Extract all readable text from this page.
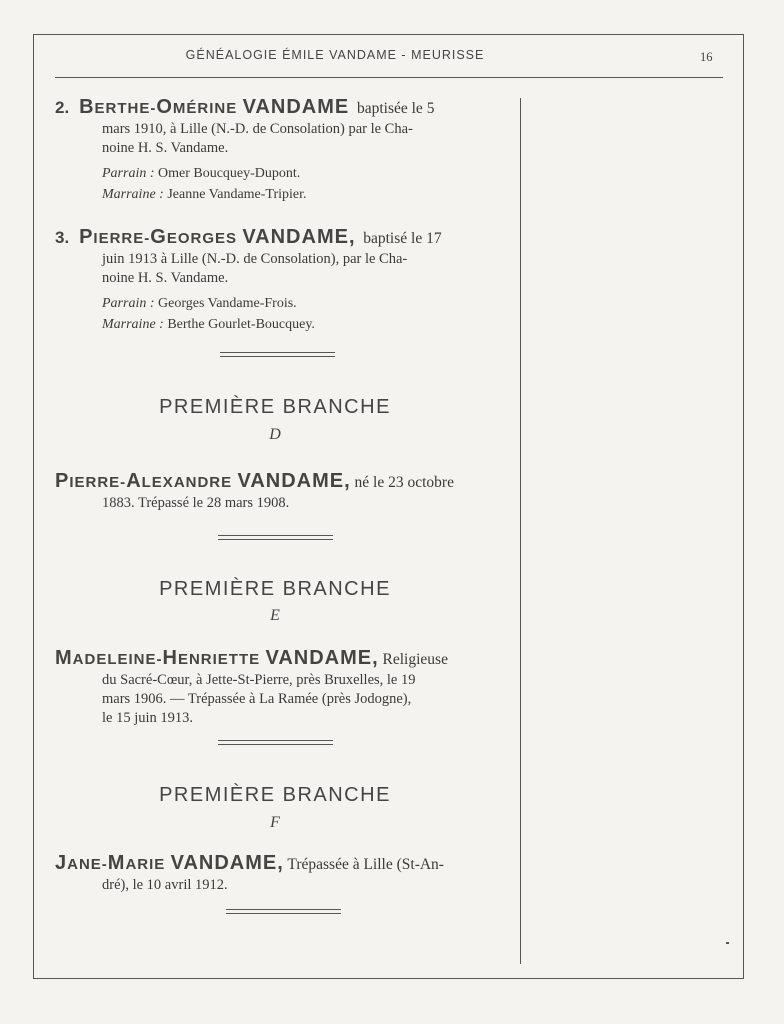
GÉNÉALOGIE ÉMILE VANDAME - MEURISSE	16

2. BERTHE-OMÉRINE VANDAME baptisée le 5

mars 1910, à Lille (N.-D. de Consolation) par le Cha-

noine H. S. Vandame.

Parrain : Omer Boucquey-Dupont.

Marraine : Jeanne Vandame-Tripier.

3. PIERRE-GEORGES VANDAME, baptisé le 17

juin 1913 à Lille (N.-D. de Consolation), par le Cha-

noine H. S. Vandame.

Parrain : Georges Vandame-Frois.

Marraine : Berthe Gourlet-Boucquey.

PREMIÈRE BRANCHE
D

PIERRE-ALEXANDRE VANDAME, né le 23 octobre

1883. Trépassé le 28 mars 1908.

PREMIÈRE BRANCHE
E

MADELEINE-HENRIETTE VANDAME, Religieuse

du Sacré-Cœur, à Jette-St-Pierre, près Bruxelles, le 19

mars 1906. — Trépassée à La Ramée (près Jodogne),

le 15 juin 1913.

PREMIÈRE BRANCHE
F

JANE-MARIE VANDAME, Trépassée à Lille (St-An-

dré), le 10 avril 1912.
